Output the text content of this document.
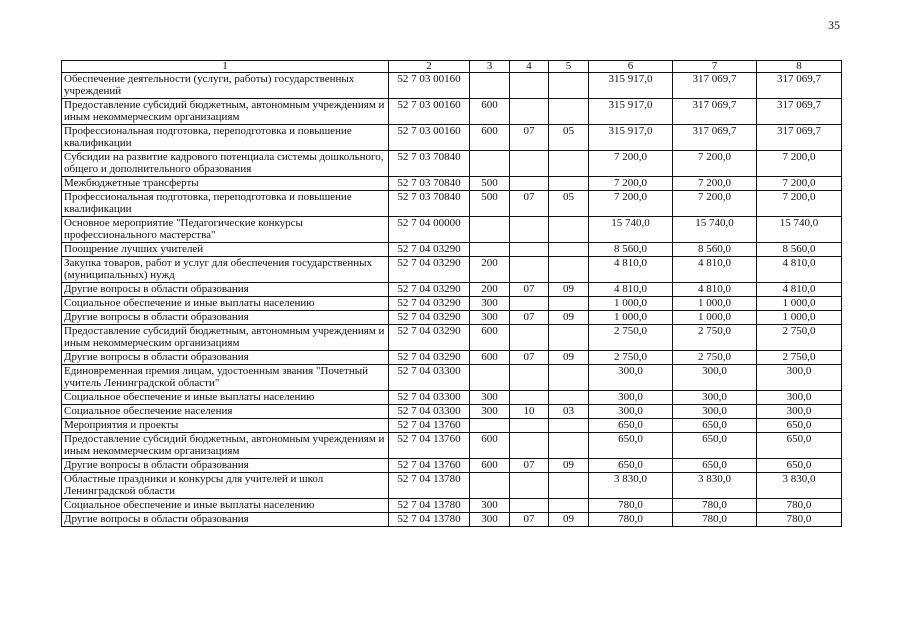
35
1	2	3	4	5	6	7	8
Обеспечение деятельности (услуги, работы) государственных учреждений	52 7 03 00160				315 917,0	317 069,7	317 069,7
Предоставление субсидий бюджетным, автономным учреждениям и иным некоммерческим организациям	52 7 03 00160	600			315 917,0	317 069,7	317 069,7
Профессиональная подготовка, переподготовка и повышение квалификации	52 7 03 00160	600	07	05	315 917,0	317 069,7	317 069,7
Субсидии на развитие кадрового потенциала системы дошкольного, общего и дополнительного образования	52 7 03 70840				7 200,0	7 200,0	7 200,0
Межбюджетные трансферты	52 7 03 70840	500			7 200,0	7 200,0	7 200,0
Профессиональная подготовка, переподготовка и повышение квалификации	52 7 03 70840	500	07	05	7 200,0	7 200,0	7 200,0
Основное мероприятие "Педагогические конкурсы профессионального мастерства"	52 7 04 00000				15 740,0	15 740,0	15 740,0
Поощрение лучших учителей	52 7 04 03290				8 560,0	8 560,0	8 560,0
Закупка товаров, работ и услуг для обеспечения государственных (муниципальных) нужд	52 7 04 03290	200			4 810,0	4 810,0	4 810,0
Другие вопросы в области образования	52 7 04 03290	200	07	09	4 810,0	4 810,0	4 810,0
Социальное обеспечение и иные выплаты населению	52 7 04 03290	300			1 000,0	1 000,0	1 000,0
Другие вопросы в области образования	52 7 04 03290	300	07	09	1 000,0	1 000,0	1 000,0
Предоставление субсидий бюджетным, автономным учреждениям и иным некоммерческим организациям	52 7 04 03290	600			2 750,0	2 750,0	2 750,0
Другие вопросы в области образования	52 7 04 03290	600	07	09	2 750,0	2 750,0	2 750,0
Единовременная премия лицам, удостоенным звания "Почетный учитель Ленинградской области"	52 7 04 03300				300,0	300,0	300,0
Социальное обеспечение и иные выплаты населению	52 7 04 03300	300			300,0	300,0	300,0
Социальное обеспечение населения	52 7 04 03300	300	10	03	300,0	300,0	300,0
Мероприятия и проекты	52 7 04 13760				650,0	650,0	650,0
Предоставление субсидий бюджетным, автономным учреждениям и иным некоммерческим организациям	52 7 04 13760	600			650,0	650,0	650,0
Другие вопросы в области образования	52 7 04 13760	600	07	09	650,0	650,0	650,0
Областные праздники и конкурсы для учителей и школ Ленинградской области	52 7 04 13780				3 830,0	3 830,0	3 830,0
Социальное обеспечение и иные выплаты населению	52 7 04 13780	300			780,0	780,0	780,0
Другие вопросы в области образования	52 7 04 13780	300	07	09	780,0	780,0	780,0
